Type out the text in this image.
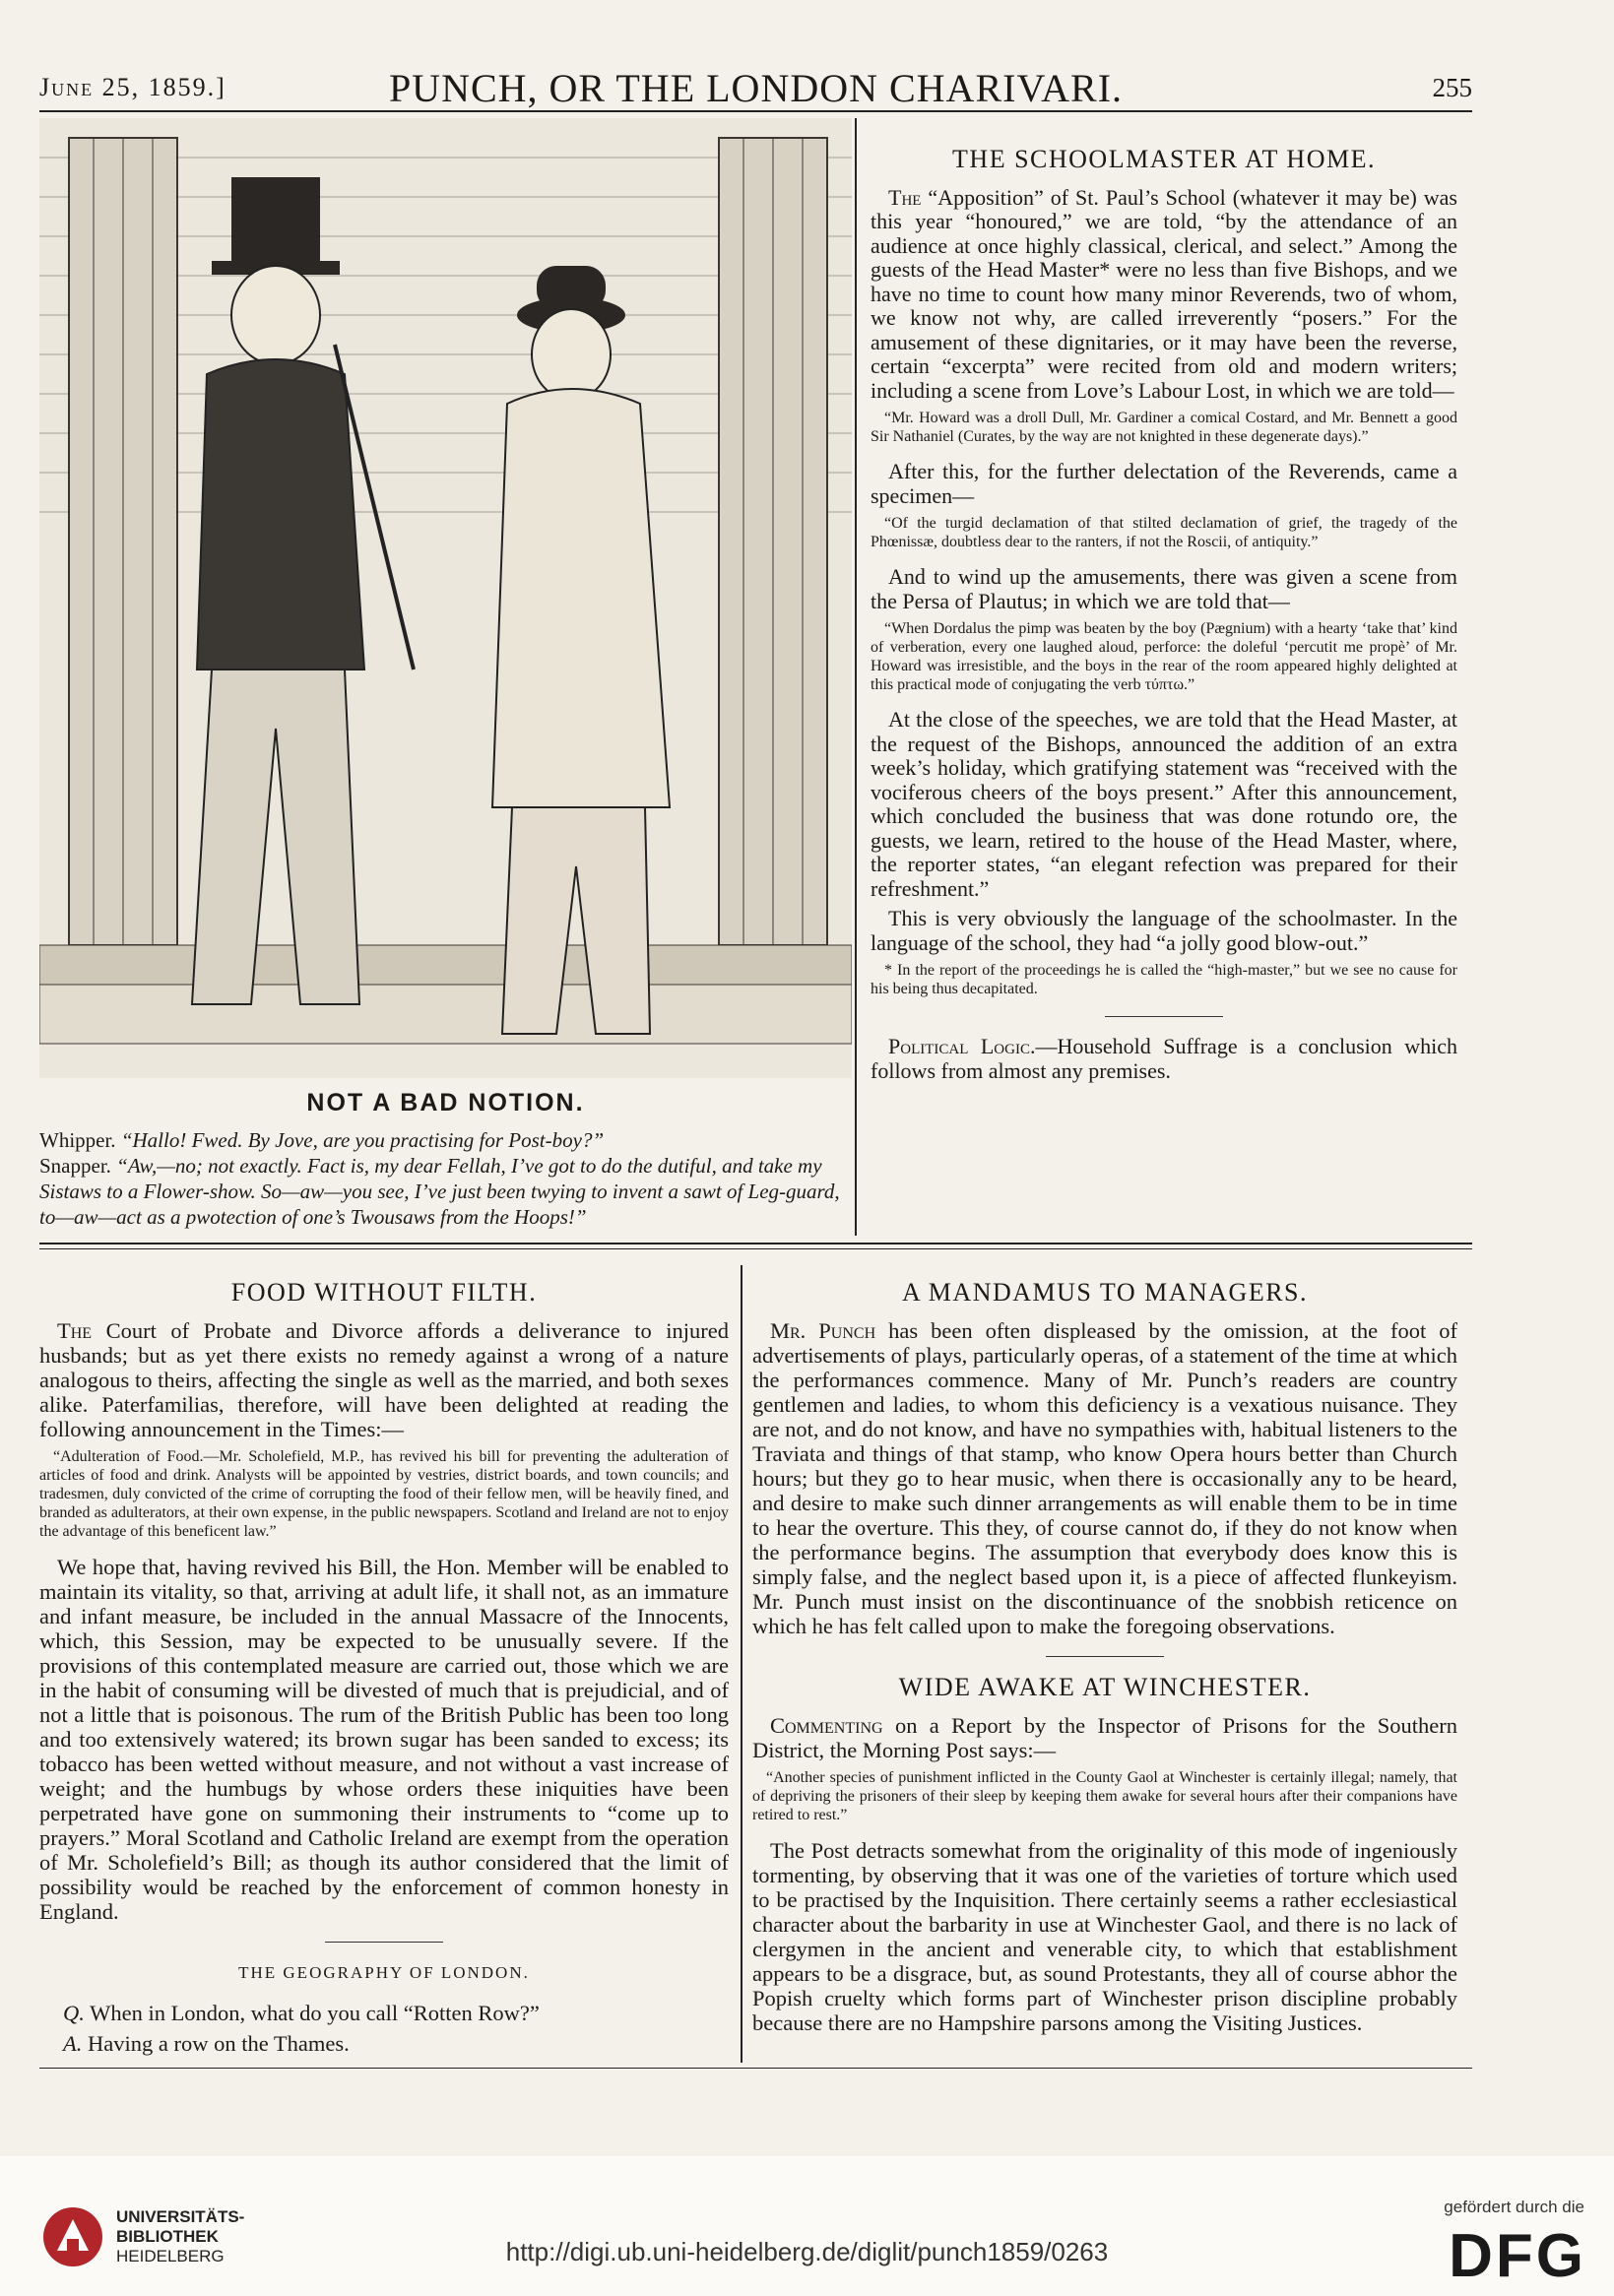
June 25, 1859.]	PUNCH, OR THE LONDON CHARIVARI.	255
NOT A BAD NOTION.

Whipper. “Hallo! Fwed. By Jove, are you practising for Post-boy?”

Snapper. “Aw,—no; not exactly. Fact is, my dear Fellah, I’ve got to do the dutiful, and take my Sistaws to a Flower-show. So—aw—you see, I’ve just been twying to invent a sawt of Leg-guard, to—aw—act as a pwotection of one’s Twousaws from the Hoops!”

THE SCHOOLMASTER AT HOME.

The “Apposition” of St. Paul’s School (whatever it may be) was this year “honoured,” we are told, “by the attendance of an audience at once highly classical, clerical, and select.” Among the guests of the Head Master* were no less than five Bishops, and we have no time to count how many minor Reverends, two of whom, we know not why, are called irreverently “posers.” For the amusement of these dignitaries, or it may have been the reverse, certain “excerpta” were recited from old and modern writers; including a scene from Love’s Labour Lost, in which we are told—

“Mr. Howard was a droll Dull, Mr. Gardiner a comical Costard, and Mr. Bennett a good Sir Nathaniel (Curates, by the way are not knighted in these degenerate days).”

After this, for the further delectation of the Reverends, came a specimen—

“Of the turgid declamation of that stilted declamation of grief, the tragedy of the Phœnissæ, doubtless dear to the ranters, if not the Roscii, of antiquity.”

And to wind up the amusements, there was given a scene from the Persa of Plautus; in which we are told that—

“When Dordalus the pimp was beaten by the boy (Pægnium) with a hearty ‘take that’ kind of verberation, every one laughed aloud, perforce: the doleful ‘percutit me propè’ of Mr. Howard was irresistible, and the boys in the rear of the room appeared highly delighted at this practical mode of conjugating the verb τύπτω.”

At the close of the speeches, we are told that the Head Master, at the request of the Bishops, announced the addition of an extra week’s holiday, which gratifying statement was “received with the vociferous cheers of the boys present.” After this announcement, which concluded the business that was done rotundo ore, the guests, we learn, retired to the house of the Head Master, where, the reporter states, “an elegant refection was prepared for their refreshment.”

This is very obviously the language of the schoolmaster. In the language of the school, they had “a jolly good blow-out.”

* In the report of the proceedings he is called the “high-master,” but we see no cause for his being thus decapitated.

Political Logic.—Household Suffrage is a conclusion which follows from almost any premises.

FOOD WITHOUT FILTH.

The Court of Probate and Divorce affords a deliverance to injured husbands; but as yet there exists no remedy against a wrong of a nature analogous to theirs, affecting the single as well as the married, and both sexes alike. Paterfamilias, therefore, will have been delighted at reading the following announcement in the Times:—

“Adulteration of Food.—Mr. Scholefield, M.P., has revived his bill for preventing the adulteration of articles of food and drink. Analysts will be appointed by vestries, district boards, and town councils; and tradesmen, duly convicted of the crime of corrupting the food of their fellow men, will be heavily fined, and branded as adulterators, at their own expense, in the public newspapers. Scotland and Ireland are not to enjoy the advantage of this beneficent law.”

We hope that, having revived his Bill, the Hon. Member will be enabled to maintain its vitality, so that, arriving at adult life, it shall not, as an immature and infant measure, be included in the annual Massacre of the Innocents, which, this Session, may be expected to be unusually severe. If the provisions of this contemplated measure are carried out, those which we are in the habit of consuming will be divested of much that is prejudicial, and of not a little that is poisonous. The rum of the British Public has been too long and too extensively watered; its brown sugar has been sanded to excess; its tobacco has been wetted without measure, and not without a vast increase of weight; and the humbugs by whose orders these iniquities have been perpetrated have gone on summoning their instruments to “come up to prayers.” Moral Scotland and Catholic Ireland are exempt from the operation of Mr. Scholefield’s Bill; as though its author considered that the limit of possibility would be reached by the enforcement of common honesty in England.

THE GEOGRAPHY OF LONDON.

Q. When in London, what do you call “Rotten Row?”

A. Having a row on the Thames.

A MANDAMUS TO MANAGERS.

Mr. Punch has been often displeased by the omission, at the foot of advertisements of plays, particularly operas, of a statement of the time at which the performances commence. Many of Mr. Punch’s readers are country gentlemen and ladies, to whom this deficiency is a vexatious nuisance. They are not, and do not know, and have no sympathies with, habitual listeners to the Traviata and things of that stamp, who know Opera hours better than Church hours; but they go to hear music, when there is occasionally any to be heard, and desire to make such dinner arrangements as will enable them to be in time to hear the overture. This they, of course cannot do, if they do not know when the performance begins. The assumption that everybody does know this is simply false, and the neglect based upon it, is a piece of affected flunkeyism. Mr. Punch must insist on the discontinuance of the snobbish reticence on which he has felt called upon to make the foregoing observations.

WIDE AWAKE AT WINCHESTER.

Commenting on a Report by the Inspector of Prisons for the Southern District, the Morning Post says:—

“Another species of punishment inflicted in the County Gaol at Winchester is certainly illegal; namely, that of depriving the prisoners of their sleep by keeping them awake for several hours after their companions have retired to rest.”

The Post detracts somewhat from the originality of this mode of ingeniously tormenting, by observing that it was one of the varieties of torture which used to be practised by the Inquisition. There certainly seems a rather ecclesiastical character about the barbarity in use at Winchester Gaol, and there is no lack of clergymen in the ancient and venerable city, to which that establishment appears to be a disgrace, but, as sound Protestants, they all of course abhor the Popish cruelty which forms part of Winchester prison discipline probably because there are no Hampshire parsons among the Visiting Justices.

UNIVERSITÄTS-
BIBLIOTHEK
HEIDELBERG	http://digi.ub.uni-heidelberg.de/diglit/punch1859/0263
gefördert durch die
DFG
